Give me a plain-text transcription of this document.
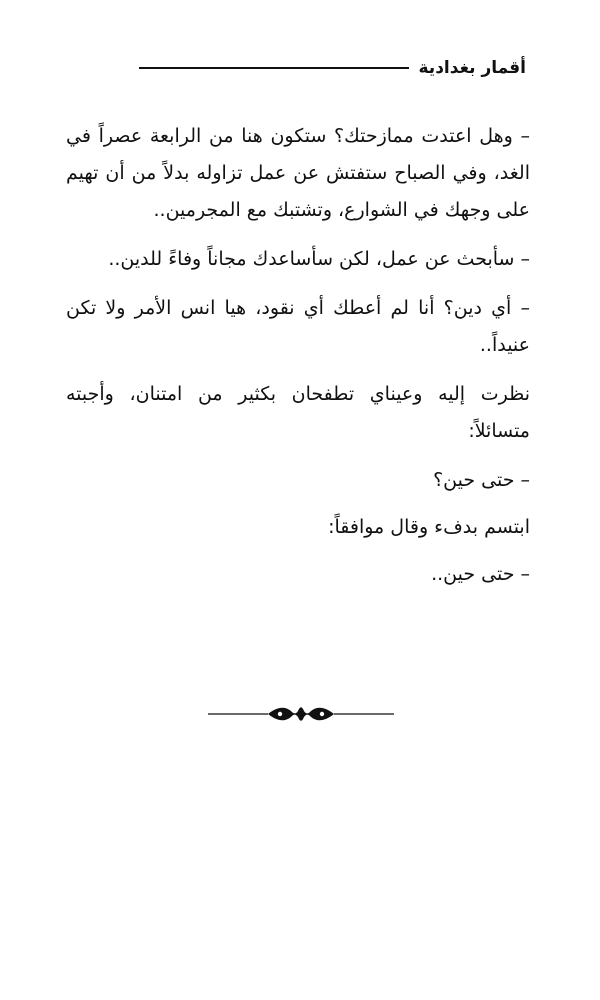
أقمار بغدادية

– وهل اعتدت ممازحتك؟ ستكون هنا من الرابعة عصراً في الغد، وفي الصباح ستفتش عن عمل تزاوله بدلاً من أن تهيم على وجهك في الشوارع، وتشتبك مع المجرمين..

– سأبحث عن عمل، لكن سأساعدك مجاناً وفاءً للدين..

– أي دين؟ أنا لم أعطك أي نقود، هيا انس الأمر ولا تكن عنيداً..

نظرت إليه وعيناي تطفحان بكثير من امتنان، وأجبته متسائلاً:

– حتى حين؟

ابتسم بدفء وقال موافقاً:

– حتى حين..
